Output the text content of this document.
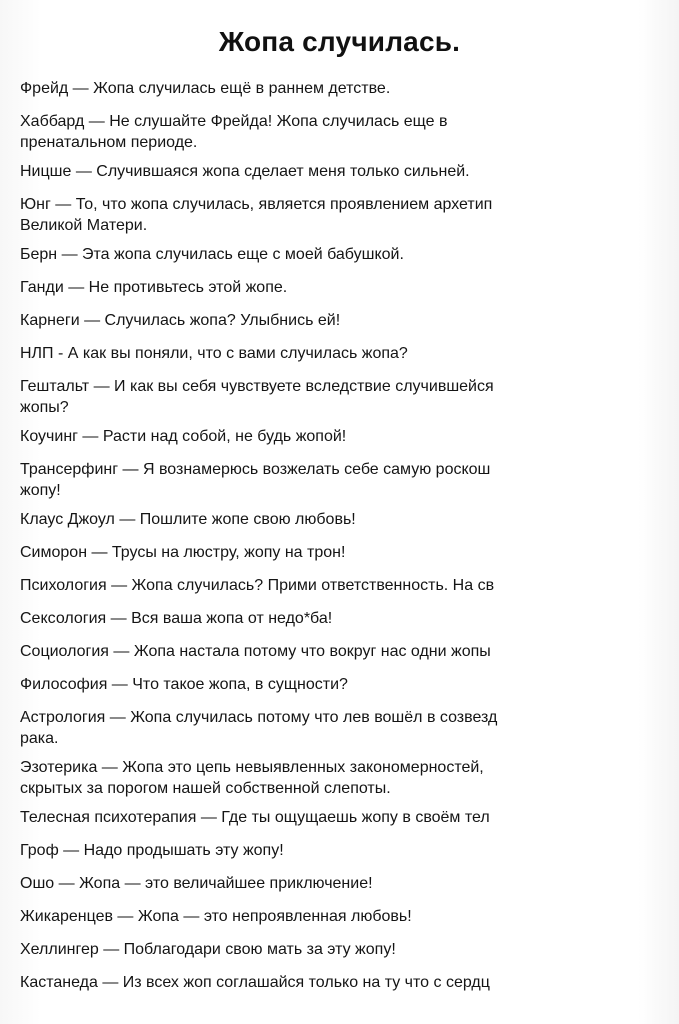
Жопа случилась.
Фрейд — Жопа случилась ещё в раннем детстве.
Хаббард — Не слушайте Фрейда! Жопа случилась еще в
пренатальном периоде.
Ницше — Случившаяся жопа сделает меня только сильней.
Юнг — То, что жопа случилась, является проявлением архетип
Великой Матери.
Берн — Эта жопа случилась еще с моей бабушкой.
Ганди — Не противьтесь этой жопе.
Карнеги — Случилась жопа? Улыбнись ей!
НЛП - А как вы поняли, что с вами случилась жопа?
Гештальт — И как вы себя чувствуете вследствие случившейся
жопы?
Коучинг — Расти над собой, не будь жопой!
Трансерфинг — Я вознамерюсь возжелать себе самую роскош
жопу!
Клаус Джоул — Пошлите жопе свою любовь!
Симорон — Трусы на люстру, жопу на трон!
Психология — Жопа случилась? Прими ответственность. На св
Сексология — Вся ваша жопа от недо*ба!
Социология — Жопа настала потому что вокруг нас одни жопы
Философия — Что такое жопа, в сущности?
Астрология — Жопа случилась потому что лев вошёл в созвезд
рака.
Эзотерика — Жопа это цепь невыявленных закономерностей,
скрытых за порогом нашей собственной слепоты.
Телесная психотерапия — Где ты ощущаешь жопу в своём тел
Гроф — Надо продышать эту жопу!
Ошо — Жопа — это величайшее приключение!
Жикаренцев — Жопа — это непроявленная любовь!
Хеллингер — Поблагодари свою мать за эту жопу!
Кастанеда — Из всех жоп соглашайся только на ту что с сердц
